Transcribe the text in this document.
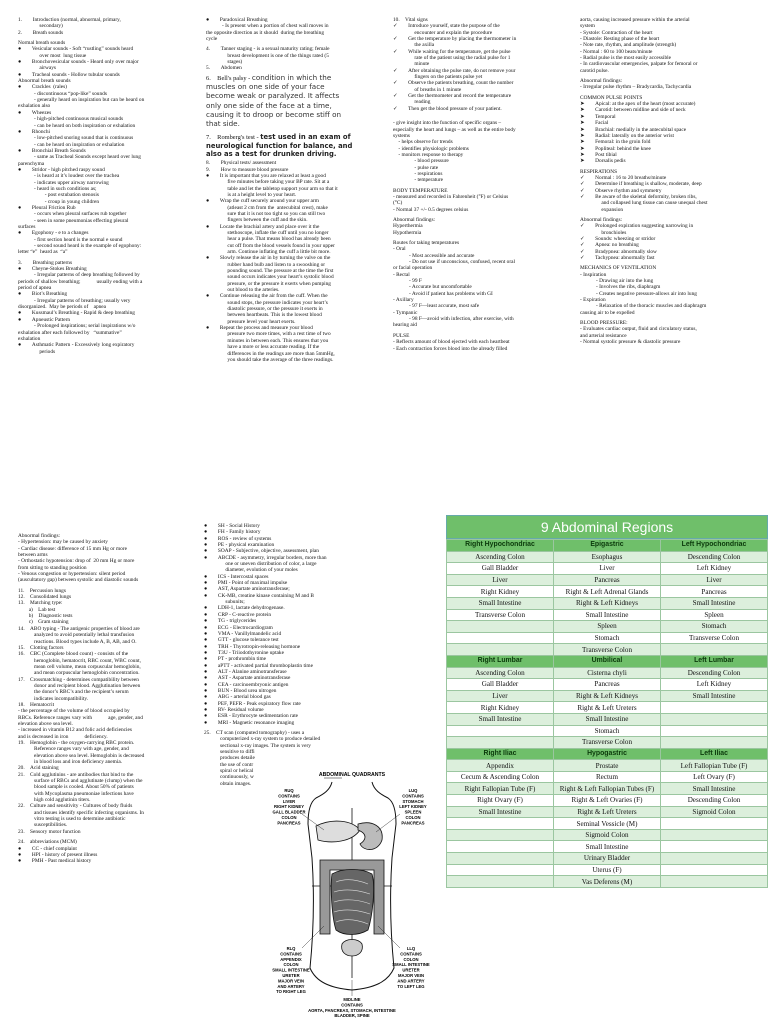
1.  Introduction (normal, abnormal, primary,

    secondary)

2.  Breath sounds

Normal breath sounds

●  Vesicular sounds - Soft “rustling” sounds heard

    over most  lung tissue

●  Bronchovesicular sounds - Heard only over major

    airways

●  Tracheal sounds - Hollow tubular sounds

Abnormal breath sounds

●  Crackles  (rales)

   - discontinuous “pop-like” sounds

   - generally heard on inspiration but can be heard on

exhalation also

●  Wheezes

   - high-pitched continuous musical sounds

   - can be heard on both inspiration or exhalation

●  Rhonchi

   - low-pitched snoring sound that is continuous

   - can be heard on inspiration or exhalation

●  Bronchial Breath Sounds

   - same as Tracheal Sounds except heard over lung

parenchyma

●  Stridor - high pitched raspy sound

   - is heard at it’s loudest over the trachea

   - indicates upper airway narrowing

   - heard in such conditions as;

     - post extubation stenosis

     - croup in young children

●  Pleural Friction Rub

   - occurs when pleural surfaces rub together

   - seen in some pneumonias effecting pleural

surfaces

●  Egophony - e to a changes

   - first section heard is the normal e sound

   - second sound heard is the example of egophony:

letter “e”  heard as  “a”

3.  Breathing patterns

●  Cheyne-Stokes Breathing

   - Irregular patterns of deep breathing followed by

periods of shallow breathing;   usually ending with a

period of apnea

●  Biot’s Breathing

   - Irregular patterns of breathing; usually very

disorganized.  May be periods of    apnea

●  Kussmaul’s Breathing - Rapid & deep breathing

●  Apneustic Pattern

   - Prolonged inspirations; serial inspirations w/o

exhalation after each followed by   “summative”

exhalation

●  Asthmatic Pattern - Excessively long expiratory

    periods

●  Paradoxical Breathing

   - Is present when a portion of chest wall moves in

the opposite direction as it should  during the breathing

cycle

4.  Tanner staging - is a sexual maturity rating; female

    breast development is one of the things rated (5

    stages)

5.  Abdomen

6. Bell's palsy - condition in which the
muscles on one side of your face
become weak or paralyzed. It affects
only one side of the face at a time,
causing it to droop or become stiff on
that side.
7. Romberg's test - test used in an exam of
neurological function for balance, and
also as a test for drunken driving.

8.  Physical tests/ assessment

9.  How to measure blood pressure

●  It is important that you are relaxed at least a good

    five minutes before taking your BP rate. Sit at a

    table and let the tabletop support your arm so that it

    is at a height level to your heart.

●  Wrap the cuff securely around your upper arm

    (atleast 2 cm from the  antecubital crest), make

    sure that it is not too tight so you can still two

    fingers between the cuff and the skin.

●  Locate the brachial artery and place over it the

    stethoscope, inflate the cuff until you no longer

    hear a pulse. That means blood has already been

    cut off from the blood vessels found in your upper

    arm. Continue inflating the cuff a little bit more.

●  Slowly release the air in by turning the valve on the

    rubber hand bulb and listen to a swooshing or

    pounding sound. The pressure at the time the first

    sound occurs indicates your heart’s systolic blood

    pressure, or the pressure it exerts when pumping

    out blood to the arteries.

●  Continue releasing the air from the cuff. When the

    sound stops, the pressure indicates your heart’s

    diastolic pressure, or the pressure it exerts in

    between heartbeats. This is the lowest blood

    pressure level your heart exerts.

●  Repeat the process and measure your blood

    pressure two more times, with a rest time of two

    minutes in between each. This ensures that you

    have a more or less accurate reading. If the

    differences in the readings are more than 5mmHg,

    you should take the average of the three readings.

10. Vital signs

✓  Introduce yourself, state the purpose of the

    encounter and explain the procedure

✓  Get the temperature by placing the thermometer in

    the axilla

✓  While waiting for the temperature, get the pulse

    rate of the patient using the radial pulse for 1

    minute

✓  After obtaining the pulse rate, do not remove your

    fingers on the patients pulse yet

✓  Observe the patients breathing, count the number

    of breaths in 1 minute

✓  Get the thermometer and record the temperature

    reading

✓  Then get the blood pressure of your patient.

- give insight into the function of specific organs –

especially the heart and lungs – as well as the entire body

systems

 - helps observe for trends

 - identifies physiologic problems

 - monitors response to therapy

    - blood pressure

    - pulse rate

    - respirations

    - temperature

BODY TEMPERATURE

- measured and recorded in Fahrenheit (°F) or Celsius

(°C)

- Normal 37 +/- 0.5 degrees celsius

Abnormal findings:

Hyperthermia

Hypothermia

Routes for taking temperatures

- Oral

   - Most accessible and accurate

   - Do not use if unconscious, confused, recent oral

or facial operation

- Rectal

   - 99 F

   - Accurate but uncomfortable

   - Avoid if patient has problems with GI

- Axillary

   - 97 F—least accurate, most safe

- Tympanic

   - 98 F—avoid with infection, after exercise, with

hearing aid

PULSE

- Reflects amount of blood ejected with each heartbeat

- Each contraction forces blood into the already filled

aorta, causing increased pressure within the arterial

system

- Systole: Contraction of the heart

- Diastole: Resting phase of the heart

- Note rate, rhythm, and amplitude (strength)

- Normal : 60 to 100 beats/minute

- Radial pulse is the most easily accessible

- In cardiovascular emergencies, palpate for femoral or

carotid pulse.

Abnormal findings:

- Irregular pulse rhythm – Bradycardia, Tachycardia

COMMON PULSE POINTS

➤  Apical: at the apex of the heart (most accurate)

➤  Carotid: between midline and side of neck

➤  Temporal

➤  Facial

➤  Brachial: medially in the antecubital space

➤  Radial: laterally on the anterior wrist

➤  Femoral: in the groin fold

➤  Popliteal: behind the knee

➤  Post tibial

➤  Dorsalis pedis

RESPIRATIONS

✓  Normal : 16 to 20 breaths/minute

✓  Determine if breathing is shallow, moderate, deep

✓  Observe rhythm and symmetry

✓  Be aware of the skeletal deformity, broken ribs,

    and collapsed lung tissue can cause unequal chest

    expansion

Abnormal findings:

✓  Prolonged expiration suggesting narrowing in

    bronchioles

✓  Sounds: wheezing or stridor

✓  Apnea: no breathing

✓  Bradypnea: abnormally slow

✓  Tachypnea: abnormally fast

MECHANICS OF VENTILATION

- Inspiration

   - Drawing air into the lung

   - Involves the ribs, diaphragm

   - Creates negative pressure-allows air into lung

- Expiration

   - Relaxation of the thoracic muscles and diaphragm

causing air to be expelled

BLOOD PRESSURE:

- Evaluates cardiac output, fluid and circulatory status,

and arterial resistance

- Normal systolic pressure & diastolic pressure

Abnormal findings:

- Hypertension: may be caused by anxiety

- Cardiac disease: difference of 15 mm Hg or more

between arms

- Orthostatic hypotension: drop of  20 mm Hg or more

from sitting to standing position

- Venous congestion or hypertension: silent period

(auscultatory gap) between systolic and diastolic sounds

11. Percussion lungs

12. Consolidated lungs

13. Matching type:

  a) Lab test

  b) Diagnostic tests

  c) Gram staining

14. ABO typing - The antigenic properties of blood are

   analyzed to avoid potentially lethal transfusion

   reactions. Blood types include A, B, AB, and O.

15. Clotting factors

16. CBC (Complete blood count) - consists of the

   hemoglobin, hematocrit, RBC count, WBC count,

   mean cell volume, mean corpuscular hemoglobin,

   and mean corpuscular hemoglobin concentration.

17. Crossmatching - determines compatibility between

   donor and recipient blood. Agglutination between

   the donor’s RBC’s and the recipient’s serum

   indicates incompatibility.

18. Hematocrit

- the percentage of the volume of blood occupied by

RBCs. Reference ranges vary with   age, gender, and

elevation above sea level.

- increased in vitamin B12 and folic acid deficiencies

and is decreased in iron   deficiency.

19. Hemoglobin - the oxygen-carrying RBC protein.

   Reference ranges vary with age, gender, and

   elevation above sea level. Hemoglobin is decreased

   in blood loss and iron deficiency anemia.

20. Acid staining

21. Cold agglutinins - are antibodies that bind to the

   surface of RBCs and agglutinate (clump) when the

   blood sample is cooled. About 50% of patients

   with Mycoplasma pneumoniae infections have

   high cold agglutinin titers.

22. Culture and sensitivity - Cultures of body fluids

   and tissues identify specific infecting organisms. In

   vitro testing is used to determine antibiotic

   susceptibilities.

23. Sensory motor function

24. abbreviations (MCM)

●  CC - chief complaint

●  HPI - history of present illness

●  PMH - Past medical history

●  SH - Social History

●  FH - Family history

●  ROS - review of systems

●  PE - physical examination

●  SOAP - Subjective, objective, assessment, plan

●  ABCDE - asymmetry, irregular borders, more than

    one or uneven distribution of color, a large

    diameter, evolution of your moles

●  ICS - Intercostal spaces

●  PMI - Point of maximal impulse

●  AST, Aspartate aminotransferase;

●  CK-MB, creatine kinase containing M and B

    subunits;

●  LDH-1, lactate dehydrogenase.

●  CRP - C-reactive protein

●  TG - triglycerides

●  ECG - Electrocardiogram

●  VMA - Vanillylmandelic acid

●  GTT - glucose tolerance test

●  TRH - Thyrotropin-releasing hormone

●  T3U - Triiodothyronine uptake

●  PT - prothrombin time

●  aPTT - activated partial thromboplastin time

●  ALT - Alanine aminotransferase

●  AST - Aspartate aminotransferase

●  CEA - carcinoembryonic antigen

●  BUN - Blood urea nitrogen

●  ABG - arterial blood gas

●  PEF, PEFR - Peak expiratory flow rate

●  RV- Residual volume

●  ESR - Erythrocyte sedimentation rate

●  MRI - Magnetic resonance imaging

25. CT scan (computed tomography) - uses a

   computerized x-ray system to produce detailed

   sectional x-ray images. The system is very

   sensitive to diffi

   produces detaile

   the use of contr

   spiral or helical

   continuously, w

   obtain images.

ABDOMINAL QUADRANTS
RUQ
CONTAINS
LIVER
RIGHT KIDNEY
GALL BLADDER
COLON
PANCREAS
LUQ
CONTAINS
STOMACH
LEFT KIDNEY
SPLEEN
COLON
PANCREAS
RLQ
CONTAINS
APPENDIX
COLON
SMALL INTESTINE
URETER
MAJOR VEIN
AND ARTERY
TO RIGHT LEG
LLQ
CONTAINS
COLON
SMALL INTESTINE
URETER
MAJOR VEIN
AND ARTERY
TO LEFT LEG
MIDLINE
CONTAINS
AORTA, PANCREAS, STOMACH, INTESTINE
BLADDER, SPINE
9 Abdominal Regions
Right Hypochondriac	Epigastric	Left Hypochondriac
Ascending Colon	Esophagus	Descending Colon
Gall Bladder	Liver	Left Kidney
Liver	Pancreas	Liver
Right Kidney	Right & Left Adrenal Glands	Pancreas
Small Intestine	Right & Left Kidneys	Small Intestine
Transverse Colon	Small Intestine	Spleen
	Spleen	Stomach
	Stomach	Transverse Colon
	Transverse Colon	
Right Lumbar	Umbilical	Left Lumbar
Ascending Colon	Cisterna chyli	Descending Colon
Gall Bladder	Pancreas	Left Kidney
Liver	Right & Left Kidneys	Small Intestine
Right Kidney	Right & Left Ureters	
Small Intestine	Small Intestine	
	Stomach	
	Transverse Colon	
Right Iliac	Hypogastric	Left Iliac
Appendix	Prostate	Left Fallopian Tube (F)
Cecum & Ascending Colon	Rectum	Left Ovary (F)
Right Fallopian Tube (F)	Right & Left Fallopian Tubes (F)	Small Intestine
Right Ovary (F)	Right & Left Ovaries (F)	Descending Colon
Small Intestine	Right & Left Ureters	Sigmoid Colon
	Seminal Vessicle (M)	
	Sigmoid Colon	
	Small Intestine	
	Urinary Bladder	
	Uterus (F)	
	Vas Deferens (M)	
